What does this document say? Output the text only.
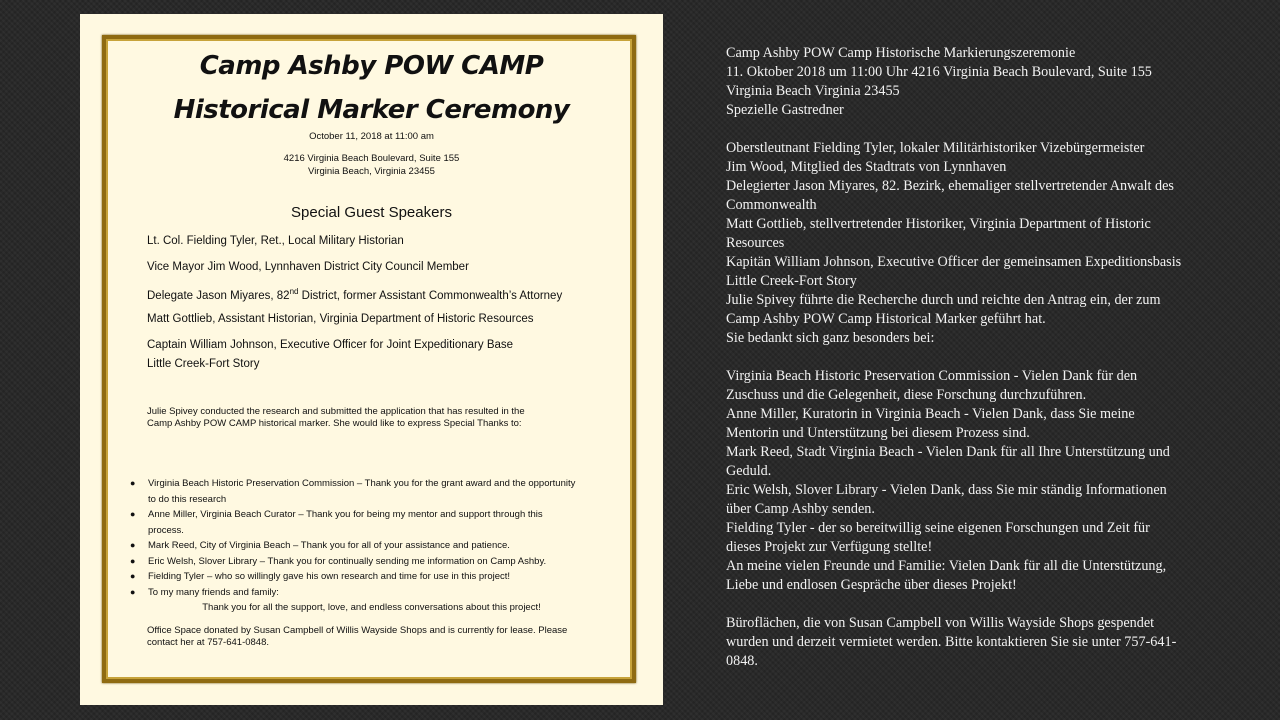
Camp Ashby POW CAMP
Historical Marker Ceremony
October 11, 2018 at 11:00 am
4216 Virginia Beach Boulevard, Suite 155
Virginia Beach, Virginia 23455
Special Guest Speakers
Lt. Col. Fielding Tyler, Ret., Local Military Historian
Vice Mayor Jim Wood, Lynnhaven District City Council Member
Delegate Jason Miyares, 82nd District, former Assistant Commonwealth’s Attorney
Matt Gottlieb, Assistant Historian, Virginia Department of Historic Resources
Captain William Johnson, Executive Officer for Joint Expeditionary Base
Little Creek-Fort Story
Julie Spivey conducted the research and submitted the application that has resulted in the
Camp Ashby POW CAMP historical marker. She would like to express Special Thanks to:
● Virginia Beach Historic Preservation Commission – Thank you for the grant award and the opportunity
to do this research
● Anne Miller, Virginia Beach Curator – Thank you for being my mentor and support through this
process.
● Mark Reed, City of Virginia Beach – Thank you for all of your assistance and patience.
● Eric Welsh, Slover Library – Thank you for continually sending me information on Camp Ashby.
● Fielding Tyler – who so willingly gave his own research and time for use in this project!
● To my many friends and family:
Thank you for all the support, love, and endless conversations about this project!
Office Space donated by Susan Campbell of Willis Wayside Shops and is currently for lease. Please
contact her at 757-641-0848.
Camp Ashby POW Camp Historische Markierungszeremonie
11. Oktober 2018 um 11:00 Uhr 4216 Virginia Beach Boulevard, Suite 155
Virginia Beach Virginia 23455
Spezielle Gastredner
Oberstleutnant Fielding Tyler, lokaler Militärhistoriker Vizebürgermeister
Jim Wood, Mitglied des Stadtrats von Lynnhaven
Delegierter Jason Miyares, 82. Bezirk, ehemaliger stellvertretender Anwalt des
Commonwealth
Matt Gottlieb, stellvertretender Historiker, Virginia Department of Historic
Resources
Kapitän William Johnson, Executive Officer der gemeinsamen Expeditionsbasis
Little Creek-Fort Story
Julie Spivey führte die Recherche durch und reichte den Antrag ein, der zum
Camp Ashby POW Camp Historical Marker geführt hat.
Sie bedankt sich ganz besonders bei:
Virginia Beach Historic Preservation Commission - Vielen Dank für den
Zuschuss und die Gelegenheit, diese Forschung durchzuführen.
Anne Miller, Kuratorin in Virginia Beach - Vielen Dank, dass Sie meine
Mentorin und Unterstützung bei diesem Prozess sind.
Mark Reed, Stadt Virginia Beach - Vielen Dank für all Ihre Unterstützung und
Geduld.
Eric Welsh, Slover Library - Vielen Dank, dass Sie mir ständig Informationen
über Camp Ashby senden.
Fielding Tyler - der so bereitwillig seine eigenen Forschungen und Zeit für
dieses Projekt zur Verfügung stellte!
An meine vielen Freunde und Familie: Vielen Dank für all die Unterstützung,
Liebe und endlosen Gespräche über dieses Projekt!
Büroflächen, die von Susan Campbell von Willis Wayside Shops gespendet
wurden und derzeit vermietet werden. Bitte kontaktieren Sie sie unter 757-641-
0848.
